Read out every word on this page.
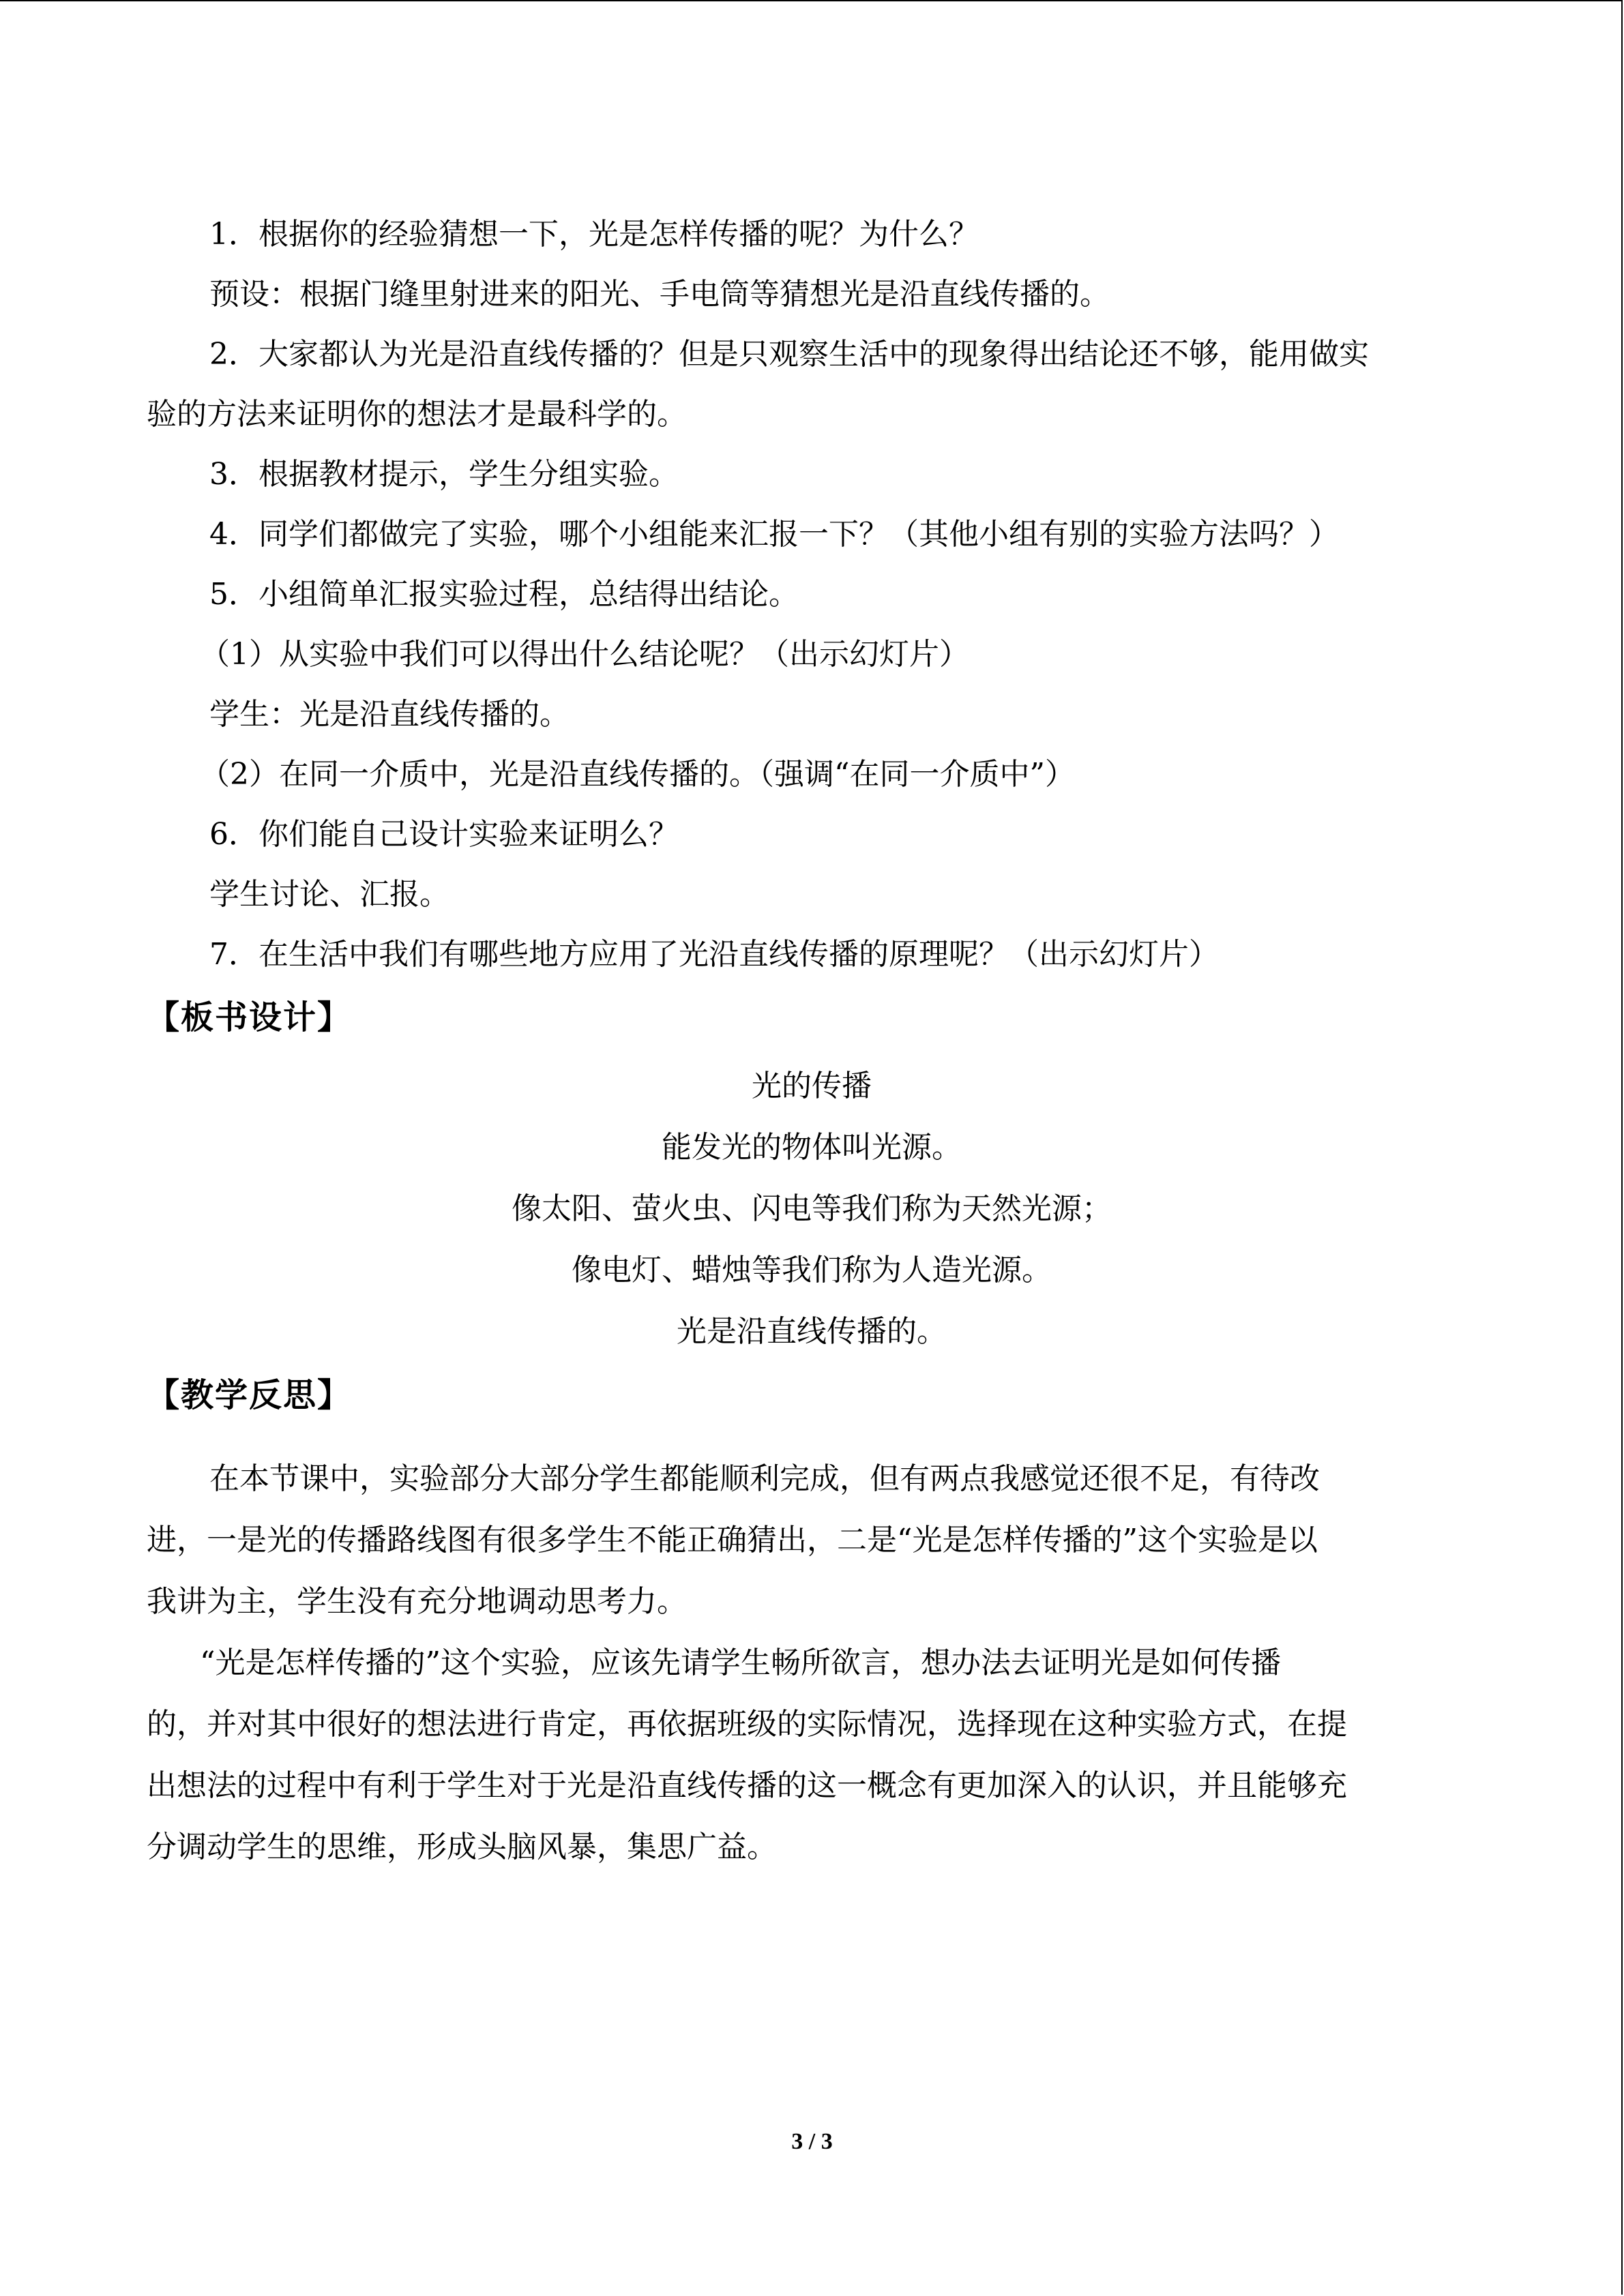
1．根据你的经验猜想一下，光是怎样传播的呢？为什么？

预设：根据门缝里射进来的阳光、手电筒等猜想光是沿直线传播的。

2．大家都认为光是沿直线传播的？但是只观察生活中的现象得出结论还不够，能用做实

验的方法来证明你的想法才是最科学的。

3．根据教材提示，学生分组实验。

4．同学们都做完了实验，哪个小组能来汇报一下？（其他小组有别的实验方法吗？）

5．小组简单汇报实验过程，总结得出结论。

（1）从实验中我们可以得出什么结论呢？（出示幻灯片）

学生：光是沿直线传播的。

（2）在同一介质中，光是沿直线传播的。（强调“在同一介质中”）

6．你们能自己设计实验来证明么？

学生讨论、汇报。

7．在生活中我们有哪些地方应用了光沿直线传播的原理呢？（出示幻灯片）

【板书设计】

光的传播

能发光的物体叫光源。

像太阳、萤火虫、闪电等我们称为天然光源；

像电灯、蜡烛等我们称为人造光源。

光是沿直线传播的。

【教学反思】

在本节课中，实验部分大部分学生都能顺利完成，但有两点我感觉还很不足，有待改

进，一是光的传播路线图有很多学生不能正确猜出，二是“光是怎样传播的”这个实验是以

我讲为主，学生没有充分地调动思考力。

“光是怎样传播的”这个实验，应该先请学生畅所欲言，想办法去证明光是如何传播

的，并对其中很好的想法进行肯定，再依据班级的实际情况，选择现在这种实验方式，在提

出想法的过程中有利于学生对于光是沿直线传播的这一概念有更加深入的认识，并且能够充

分调动学生的思维，形成头脑风暴，集思广益。

3 / 3
